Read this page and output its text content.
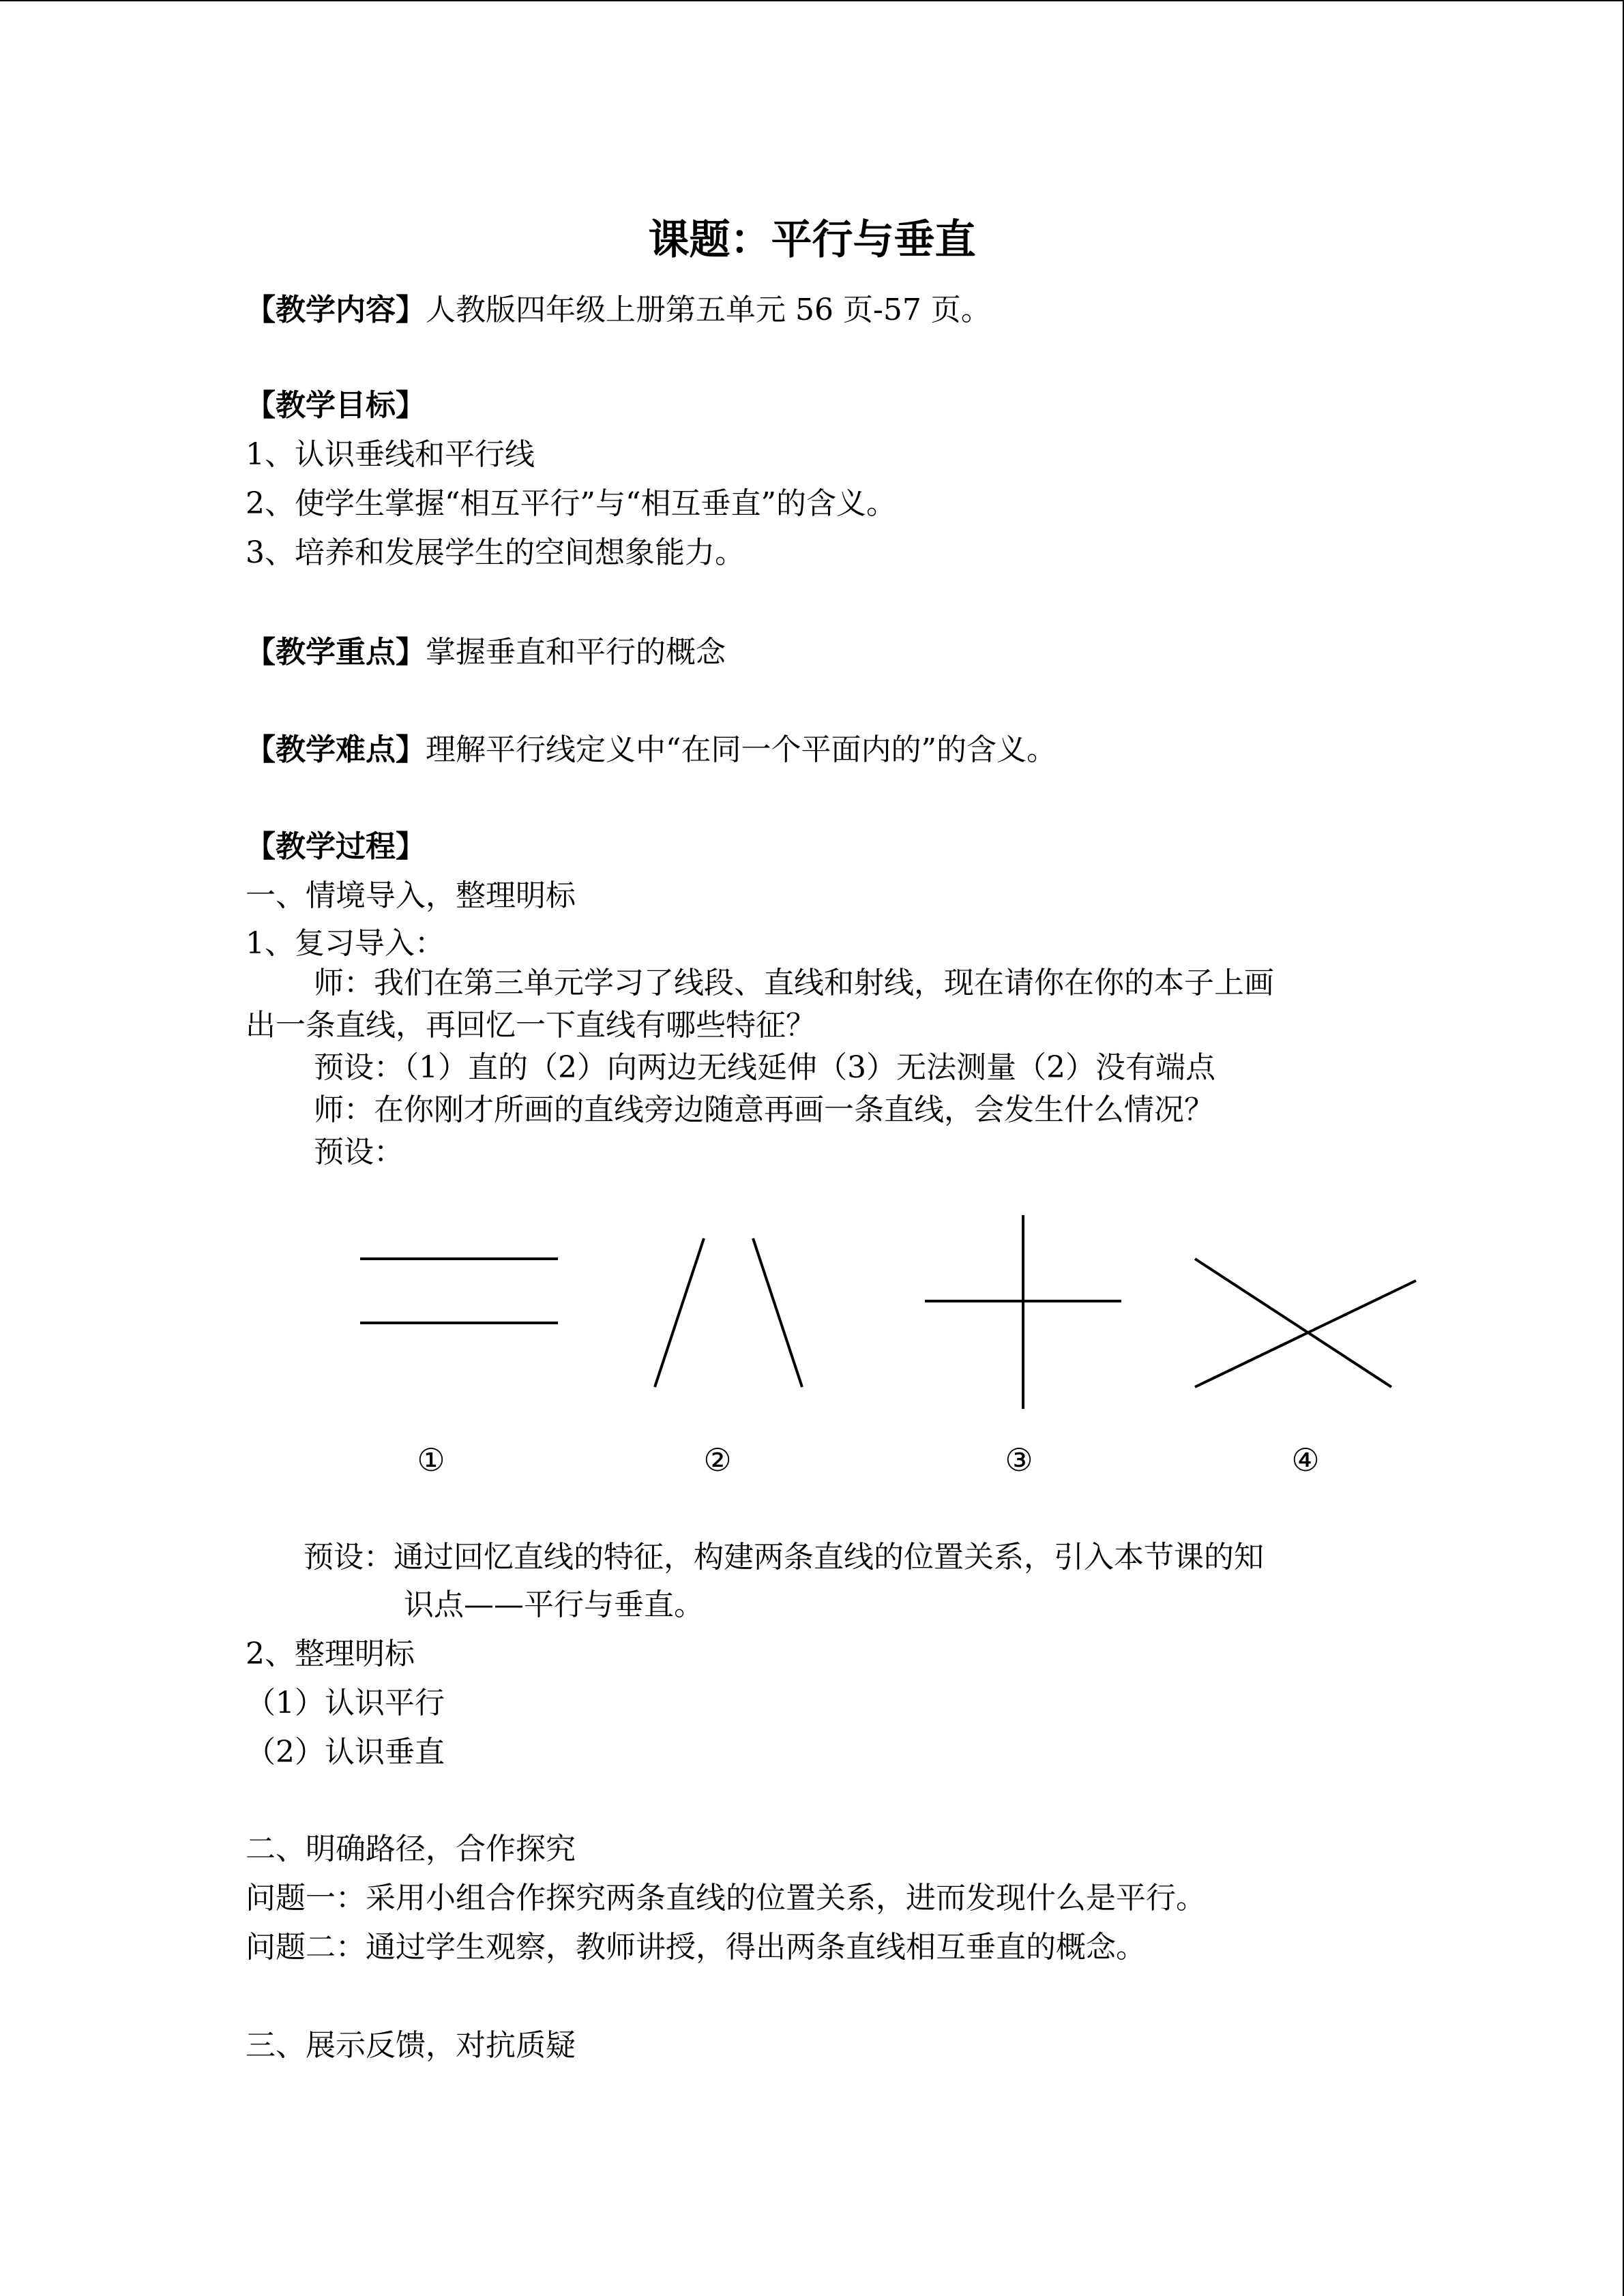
课题：平行与垂直
【教学内容】人教版四年级上册第五单元 56 页-57 页。
【教学目标】
1、认识垂线和平行线
2、使学生掌握“相互平行”与“相互垂直”的含义。
3、培养和发展学生的空间想象能力。
【教学重点】掌握垂直和平行的概念
【教学难点】理解平行线定义中“在同一个平面内的”的含义。
【教学过程】
一、情境导入，整理明标
1、复习导入：
师：我们在第三单元学习了线段、直线和射线，现在请你在你的本子上画
出一条直线，再回忆一下直线有哪些特征？
预设：（1）直的（2）向两边无线延伸（3）无法测量（2）没有端点
师：在你刚才所画的直线旁边随意再画一条直线，会发生什么情况？
预设：
①	②	③	④
预设：通过回忆直线的特征，构建两条直线的位置关系，引入本节课的知
识点——平行与垂直。
2、整理明标
（1）认识平行
（2）认识垂直
二、明确路径，合作探究
问题一：采用小组合作探究两条直线的位置关系，进而发现什么是平行。
问题二：通过学生观察，教师讲授，得出两条直线相互垂直的概念。
三、展示反馈，对抗质疑
